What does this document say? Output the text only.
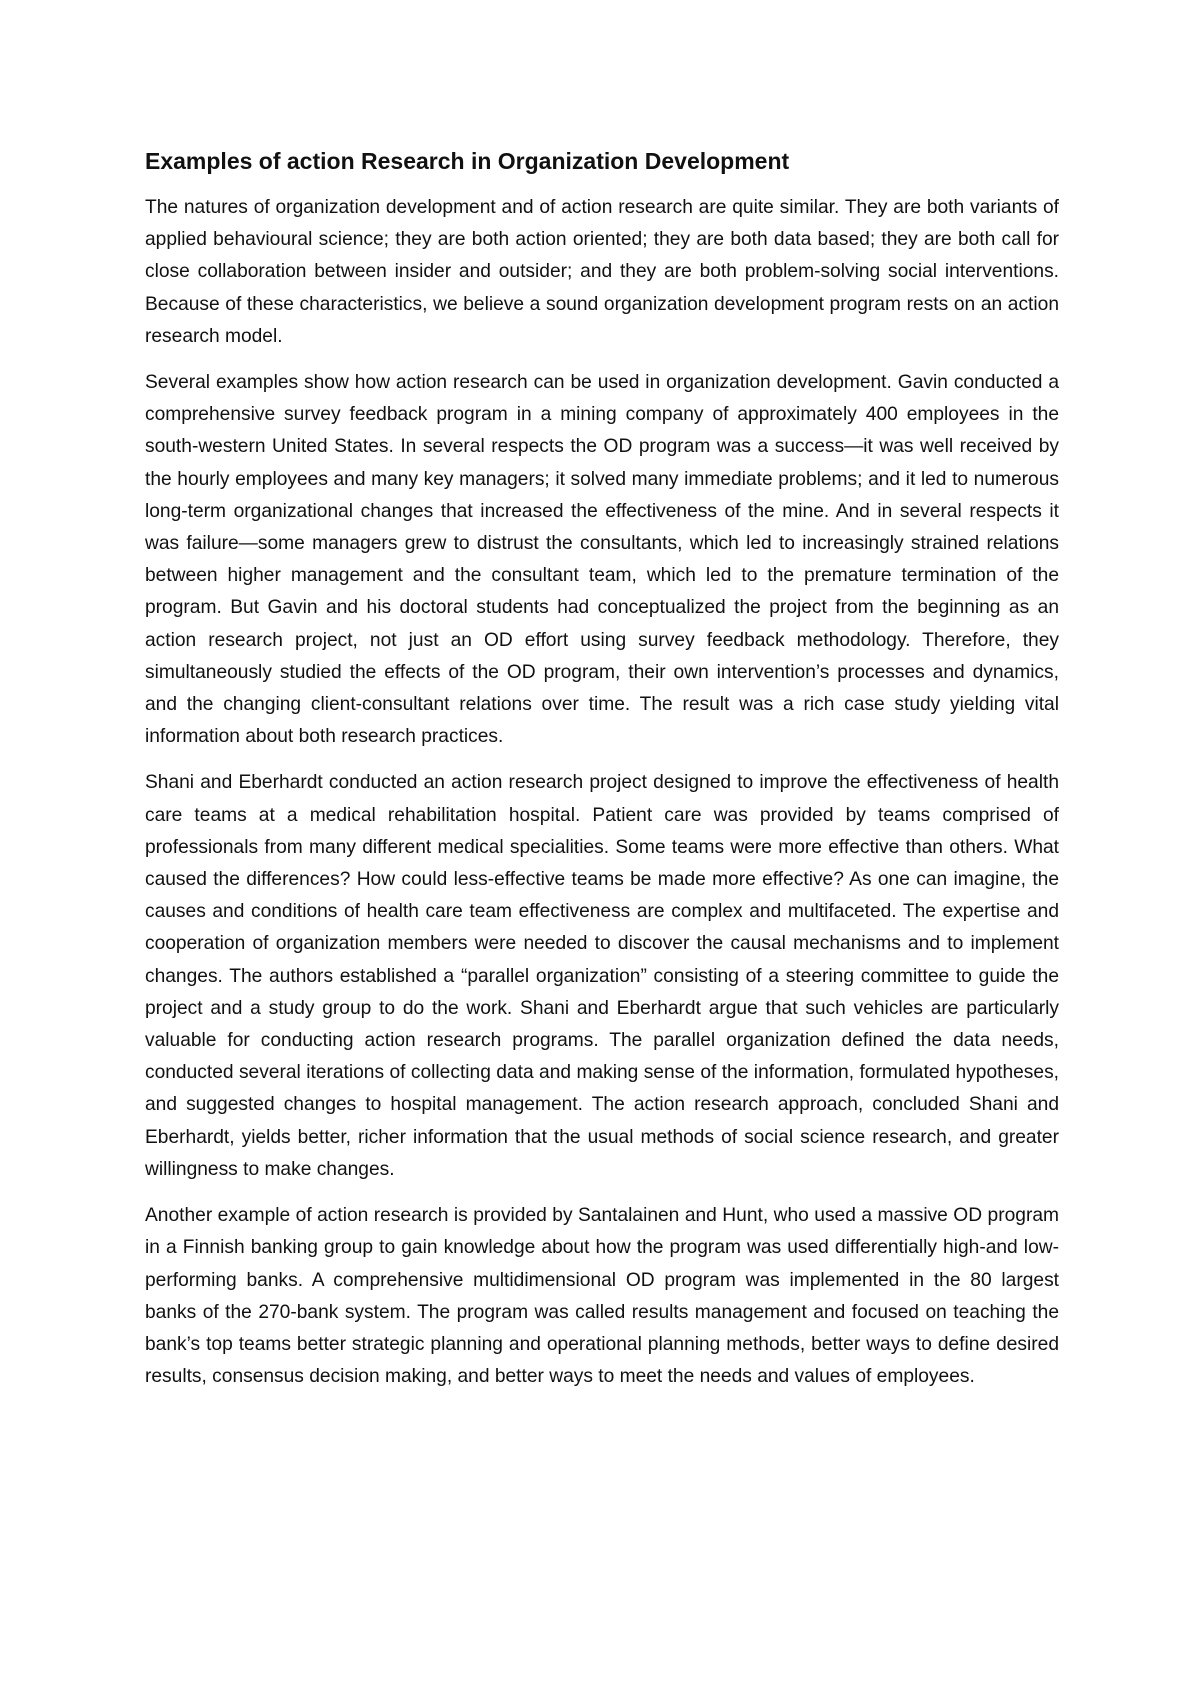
Examples of action Research in Organization Development

The natures of organization development and of action research are quite similar. They are both variants of applied behavioural science; they are both action oriented; they are both data based; they are both call for close collaboration between insider and outsider; and they are both problem-solving social interventions. Because of these characteristics, we believe a sound organization development program rests on an action research model.

Several examples show how action research can be used in organization development. Gavin conducted a comprehensive survey feedback program in a mining company of approximately 400 employees in the south-western United States. In several respects the OD program was a success—it was well received by the hourly employees and many key managers; it solved many immediate problems; and it led to numerous long-term organizational changes that increased the effectiveness of the mine. And in several respects it was failure—some managers grew to distrust the consultants, which led to increasingly strained relations between higher management and the consultant team, which led to the premature termination of the program. But Gavin and his doctoral students had conceptualized the project from the beginning as an action research project, not just an OD effort using survey feedback methodology. Therefore, they simultaneously studied the effects of the OD program, their own intervention’s processes and dynamics, and the changing client-consultant relations over time. The result was a rich case study yielding vital information about both research practices.

Shani and Eberhardt conducted an action research project designed to improve the effectiveness of health care teams at a medical rehabilitation hospital. Patient care was provided by teams comprised of professionals from many different medical specialities. Some teams were more effective than others. What caused the differences? How could less-effective teams be made more effective? As one can imagine, the causes and conditions of health care team effectiveness are complex and multifaceted. The expertise and cooperation of organization members were needed to discover the causal mechanisms and to implement changes. The authors established a “parallel organization” consisting of a steering committee to guide the project and a study group to do the work. Shani and Eberhardt argue that such vehicles are particularly valuable for conducting action research programs. The parallel organization defined the data needs, conducted several iterations of collecting data and making sense of the information, formulated hypotheses, and suggested changes to hospital management. The action research approach, concluded Shani and Eberhardt, yields better, richer information that the usual methods of social science research, and greater willingness to make changes.

Another example of action research is provided by Santalainen and Hunt, who used a massive OD program in a Finnish banking group to gain knowledge about how the program was used differentially high-and low-performing banks. A comprehensive multidimensional OD program was implemented in the 80 largest banks of the 270-bank system. The program was called results management and focused on teaching the bank’s top teams better strategic planning and operational planning methods, better ways to define desired results, consensus decision making, and better ways to meet the needs and values of employees.
